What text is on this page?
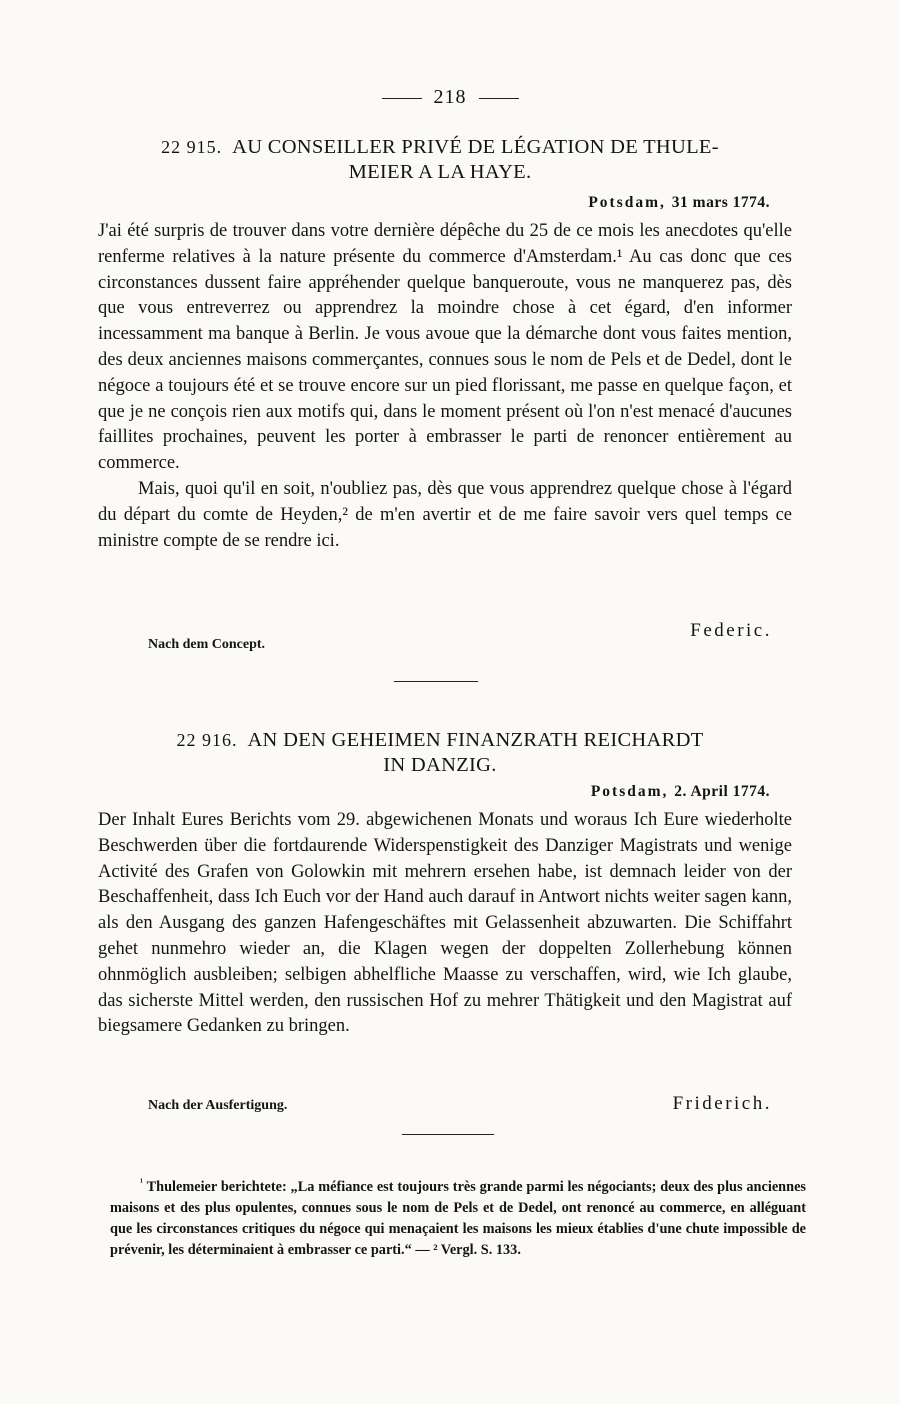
218
22 915. AU CONSEILLER PRIVÉ DE LÉGATION DE THULE-
MEIER A LA HAYE.
Potsdam, 31 mars 1774.

J'ai été surpris de trouver dans votre dernière dépêche du 25 de ce mois les anecdotes qu'elle renferme relatives à la nature présente du commerce d'Amsterdam.¹ Au cas donc que ces circonstances dussent faire appréhender quelque banqueroute, vous ne manquerez pas, dès que vous entreverrez ou apprendrez la moindre chose à cet égard, d'en informer incessamment ma banque à Berlin. Je vous avoue que la démarche dont vous faites mention, des deux anciennes maisons commerçantes, connues sous le nom de Pels et de Dedel, dont le négoce a toujours été et se trouve encore sur un pied florissant, me passe en quelque façon, et que je ne conçois rien aux motifs qui, dans le moment présent où l'on n'est menacé d'aucunes faillites prochaines, peuvent les porter à embrasser le parti de renoncer entièrement au commerce.

Mais, quoi qu'il en soit, n'oubliez pas, dès que vous apprendrez quelque chose à l'égard du départ du comte de Heyden,² de m'en avertir et de me faire savoir vers quel temps ce ministre compte de se rendre ici.

Federic.
Nach dem Concept.
22 916. AN DEN GEHEIMEN FINANZRATH REICHARDT
IN DANZIG.
Potsdam, 2. April 1774.

Der Inhalt Eures Berichts vom 29. abgewichenen Monats und woraus Ich Eure wiederholte Beschwerden über die fortdaurende Widerspenstigkeit des Danziger Magistrats und wenige Activité des Grafen von Golowkin mit mehrern ersehen habe, ist demnach leider von der Beschaffenheit, dass Ich Euch vor der Hand auch darauf in Antwort nichts weiter sagen kann, als den Ausgang des ganzen Hafengeschäftes mit Gelassenheit abzuwarten. Die Schiffahrt gehet nunmehro wieder an, die Klagen wegen der doppelten Zollerhebung können ohnmöglich ausbleiben; selbigen abhelfliche Maasse zu verschaffen, wird, wie Ich glaube, das sicherste Mittel werden, den russischen Hof zu mehrer Thätigkeit und den Magistrat auf biegsamere Gedanken zu bringen.

Nach der Ausfertigung.	Friderich.

$^{^1}$ Thulemeier berichtete: „La méfiance est toujours très grande parmi les négociants; deux des plus anciennes maisons et des plus opulentes, connues sous le nom de Pels et de Dedel, ont renoncé au commerce, en alléguant que les circonstances critiques du négoce qui menaçaient les maisons les mieux établies d'une chute impossible de prévenir, les déterminaient à embrasser ce parti.“ — ² Vergl. S. 133.
